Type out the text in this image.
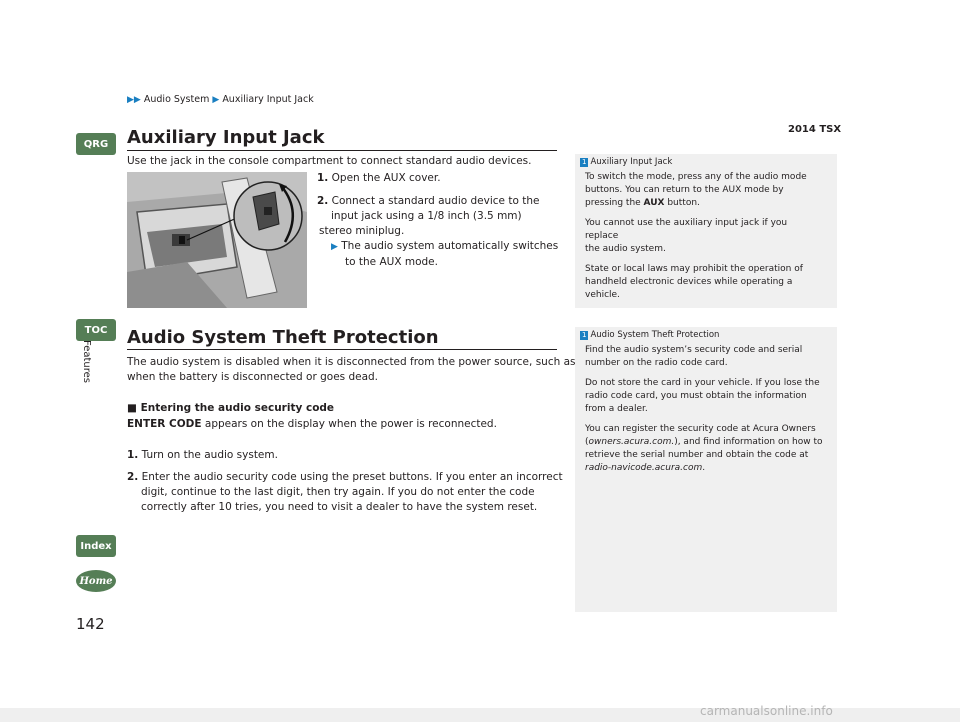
▶▶ Audio System ▶ Auxiliary Input Jack
2014 TSX
QRG
TOC
Features
Index
Home
142
Auxiliary Input Jack
Use the jack in the console compartment to connect standard audio devices.
1. Open the AUX cover.
2. Connect a standard audio device to the
input jack using a 1/8 inch (3.5 mm)
stereo miniplug.
▶ The audio system automatically switches
to the AUX mode.
1 Auxiliary Input Jack

To switch the mode, press any of the audio mode
buttons. You can return to the AUX mode by
pressing the AUX button.

You cannot use the auxiliary input jack if you replace
the audio system.

State or local laws may prohibit the operation of
handheld electronic devices while operating a
vehicle.

Audio System Theft Protection
The audio system is disabled when it is disconnected from the power source, such as
when the battery is disconnected or goes dead.
■ Entering the audio security code
ENTER CODE appears on the display when the power is reconnected.
1. Turn on the audio system.
2. Enter the audio security code using the preset buttons. If you enter an incorrect
digit, continue to the last digit, then try again. If you do not enter the code
correctly after 10 tries, you need to visit a dealer to have the system reset.
1 Audio System Theft Protection

Find the audio system’s security code and serial
number on the radio code card.

Do not store the card in your vehicle. If you lose the
radio code card, you must obtain the information
from a dealer.

You can register the security code at Acura Owners
(owners.acura.com.), and find information on how to
retrieve the serial number and obtain the code at
radio-navicode.acura.com.

carmanualsonline.info
